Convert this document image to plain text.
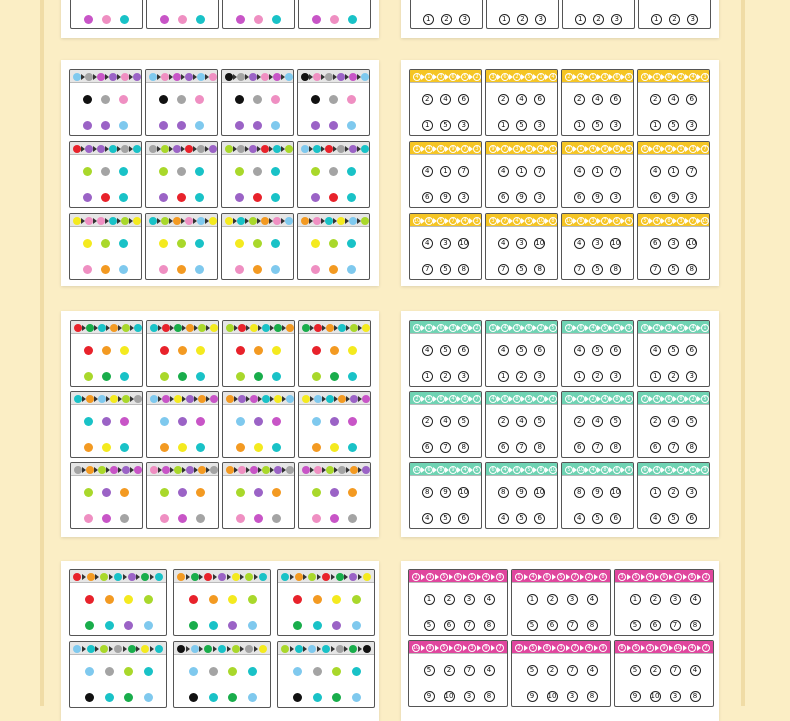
1	2	3	1	2	3	1	2	3	1	2	3
4	1	3	6	5	2
2	4	6
1	5	3
3	6	2	5	1	4
2	4	6
1	5	3
2	4	1	3	6	5
2	4	6
1	5	3
5	1	6	2	4	3
2	4	6
1	5	3
1	4	6	9	7	3
4	1	7
6	9	3
9	7	3	6	4	1
4	1	7
6	9	3
7	1	4	9	6	3
4	1	7
6	9	3
6	4	9	1	3	7
4	1	7
6	9	3
10	8	5	7	4	3
4	3	10
7	5	8
3	7	4	5	10	8
4	3	10
7	5	8
10	8	3	7	5	4
4	3	10
7	5	8
5	4	8	3	7	10
6	3	10
7	5	8
4	1	6	3	5	2
4	5	6
1	2	3
1	4	3	6	2	5
4	5	6
1	2	3
2	6	4	5	1	3
4	5	6
1	2	3
6	2	3	5	4	1
4	5	6
1	2	3
2	5	6	4	8	7
2	4	5
6	7	8
4	6	8	5	7	2
2	4	5
6	7	8
6	7	2	4	8	5
2	4	5
6	7	8
7	4	6	8	2	5
2	4	5
6	7	8
10	6	8	9	4	5
8	9	10
4	5	6
6	4	9	5	8	10
8	9	10
4	5	6
5	10	4	8	6	9
8	9	10
4	5	6
6	4	5	2	1	3
1	2	3
4	5	6
2	3	5	6	1	4	8
1	2	3	4
5	6	7	8
1	4	6	5	7	2	8
1	2	3	4
5	6	7	8
3	5	4	6	1	8	2
1	2	3	4
5	6	7	8
10	8	5	2	3	9	7
5	2	7	4
9	10	3	8
2	5	8	3	7	4	9
5	2	7	4
9	10	3	8
8	5	3	9	10	4	7
5	2	7	4
9	10	3	8
